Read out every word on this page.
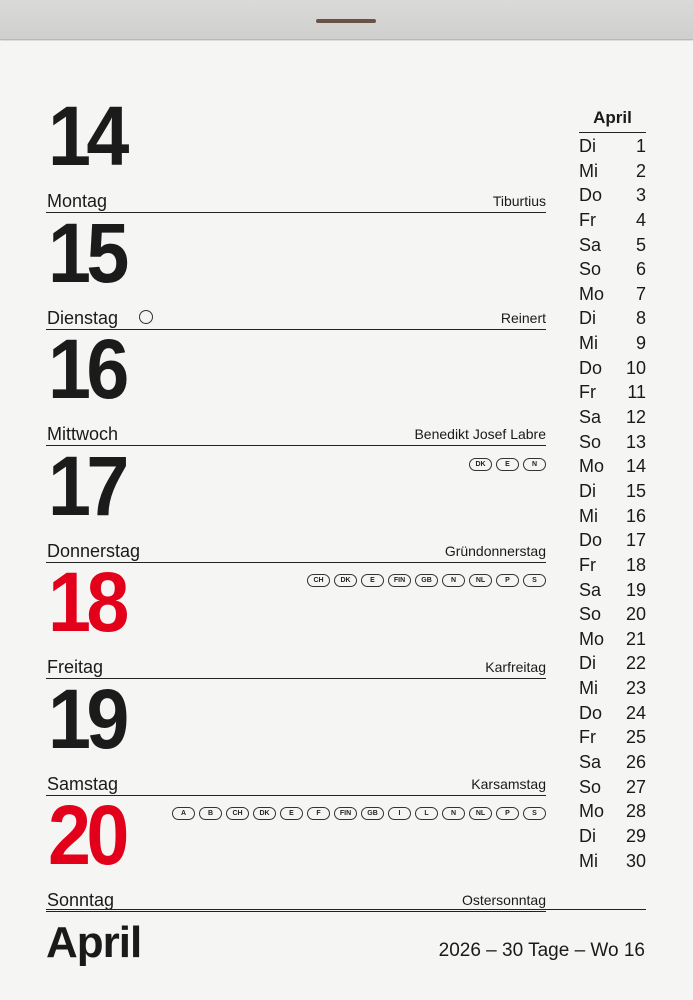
14
Montag	Tiburtius
15
Dienstag	Reinert
16
Mittwoch	Benedikt Josef Labre
17
Donnerstag	Gründonnerstag
DK	E	N
18
Freitag	Karfreitag
CH	DK	E	FIN	GB	N	NL	P	S
19
Samstag	Karsamstag
20
Sonntag	Ostersonntag
A	B	CH	DK	E	F	FIN	GB	I	L	N	NL	P	S
April
Di 1
Mi 2
Do 3
Fr 4
Sa 5
So 6
Mo 7
Di 8
Mi 9
Do 10
Fr 11
Sa 12
So 13
Mo 14
Di 15
Mi 16
Do 17
Fr 18
Sa 19
So 20
Mo 21
Di 22
Mi 23
Do 24
Fr 25
Sa 26
So 27
Mo 28
Di 29
Mi 30
April	2026 – 30 Tage – Wo 16
